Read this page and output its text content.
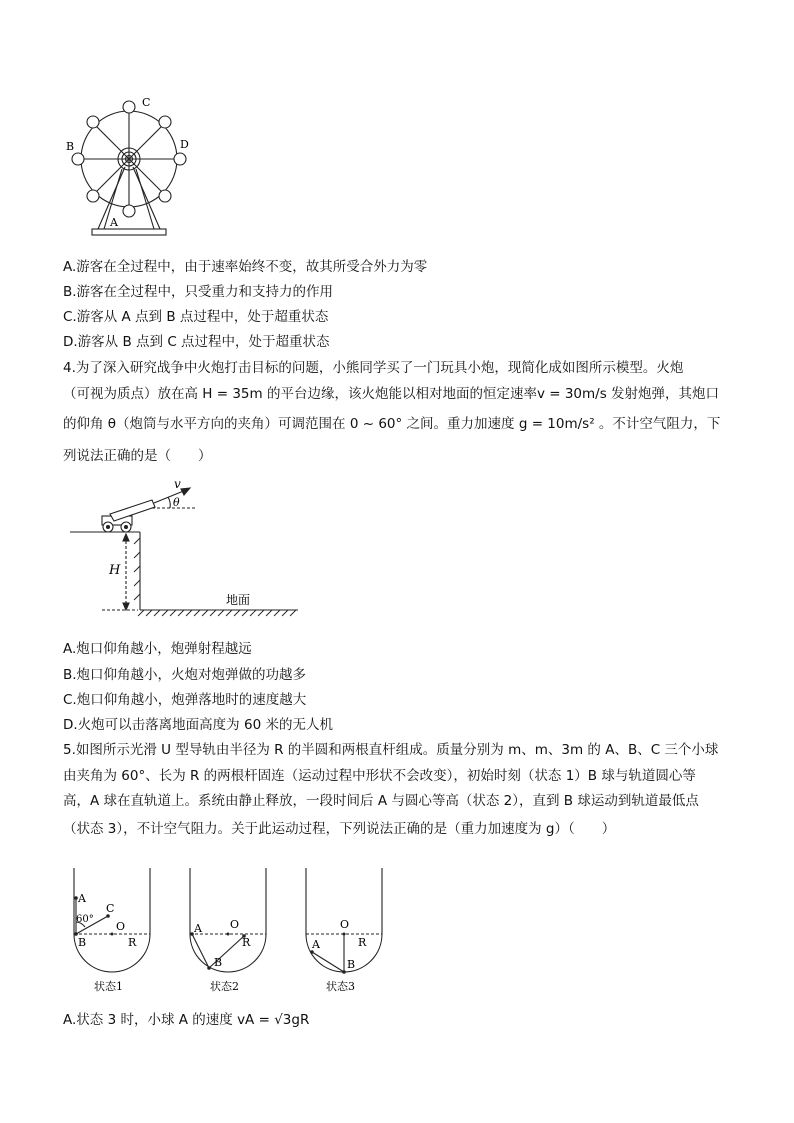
C
B	D
A
A.游客在全过程中，由于速率始终不变，故其所受合外力为零
B.游客在全过程中，只受重力和支持力的作用
C.游客从 A 点到 B 点过程中，处于超重状态
D.游客从 B 点到 C 点过程中，处于超重状态
4.为了深入研究战争中火炮打击目标的问题，小熊同学买了一门玩具小炮，现简化成如图所示模型。火炮
（可视为质点）放在高 H = 35m 的平台边缘，该火炮能以相对地面的恒定速率v = 30m/s 发射炮弹，其炮口
的仰角 θ（炮筒与水平方向的夹角）可调范围在 0 ~ 60° 之间。重力加速度 g = 10m/s² 。不计空气阻力，下
列说法正确的是（　　）
v
θ
H
地面
A.炮口仰角越小，炮弹射程越远
B.炮口仰角越小，火炮对炮弹做的功越多
C.炮口仰角越小，炮弹落地时的速度越大
D.火炮可以击落离地面高度为 60 米的无人机
5.如图所示光滑 U 型导轨由半径为 R 的半圆和两根直杆组成。质量分别为 m、m、3m 的 A、B、C 三个小球
由夹角为 60°、长为 R 的两根杆固连（运动过程中形状不会改变），初始时刻（状态 1）B 球与轨道圆心等
高，A 球在直轨道上。系统由静止释放，一段时间后 A 与圆心等高（状态 2），直到 B 球运动到轨道最低点
（状态 3），不计空气阻力。关于此运动过程，下列说法正确的是（重力加速度为 g）（　　）
A
60°
C
O
B	R
A	O
R
B
O
R
A
B
状态1	状态2	状态3
A.状态 3 时，小球 A 的速度 vA = √3gR
